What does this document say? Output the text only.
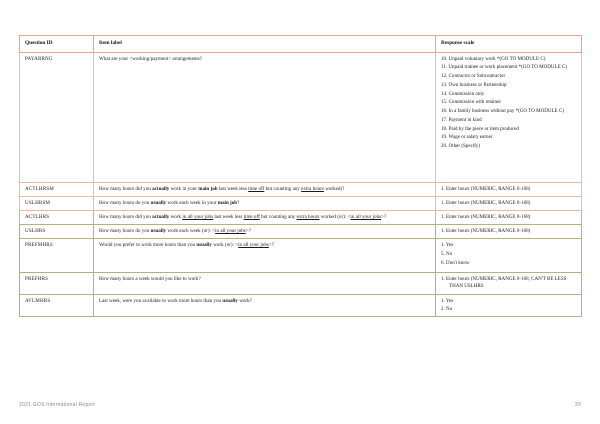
Question ID	Item label	Response scale
PAYARRNG	What are your <working/payment> arrangements?	10. Unpaid voluntary work *(GO TO MODULE C)
11. Unpaid trainee or work placement *(GO TO MODULE C)
12. Contractor or Subcontractor
13. Own business or Partnership
14. Commission only
15. Commission with retainer
16. In a family business without pay *(GO TO MODULE C)
17. Payment in kind
18. Paid by the piece or item produced
19. Wage or salary earner
20. Other (Specify)

ACTLHRSM	How many hours did you actually work in your main job last week less time off but counting any extra hours worked)?	1. Enter hours (NUMERIC, RANGE 0-168)

USLHRSM	How many hours do you usually work each week in your main job?	1. Enter hours (NUMERIC, RANGE 0-168)

ACTLHRS	How many hours did you actually work in all your jobs last week less time off but counting any extra hours worked (or): <in all your jobs>?	1. Enter hours (NUMERIC, RANGE 0-168)

USLHRS	How many hours do you usually work each week (or): <in all your jobs>?	1. Enter hours (NUMERIC, RANGE 0-168)

PREFMHRS	Would you prefer to work more hours than you usually work (or): <in all your jobs>?	1. Yes
5. No
6. Don't know

PREFHRS	How many hours a week would you like to work?	1. Enter hours (NUMERIC, RANGE 0-168, CAN'T BE LESS THAN USLHRS

AVLMHRS	Last week, were you available to work more hours than you usually work?	1. Yes
2. No
2021 GOS International Report	39
